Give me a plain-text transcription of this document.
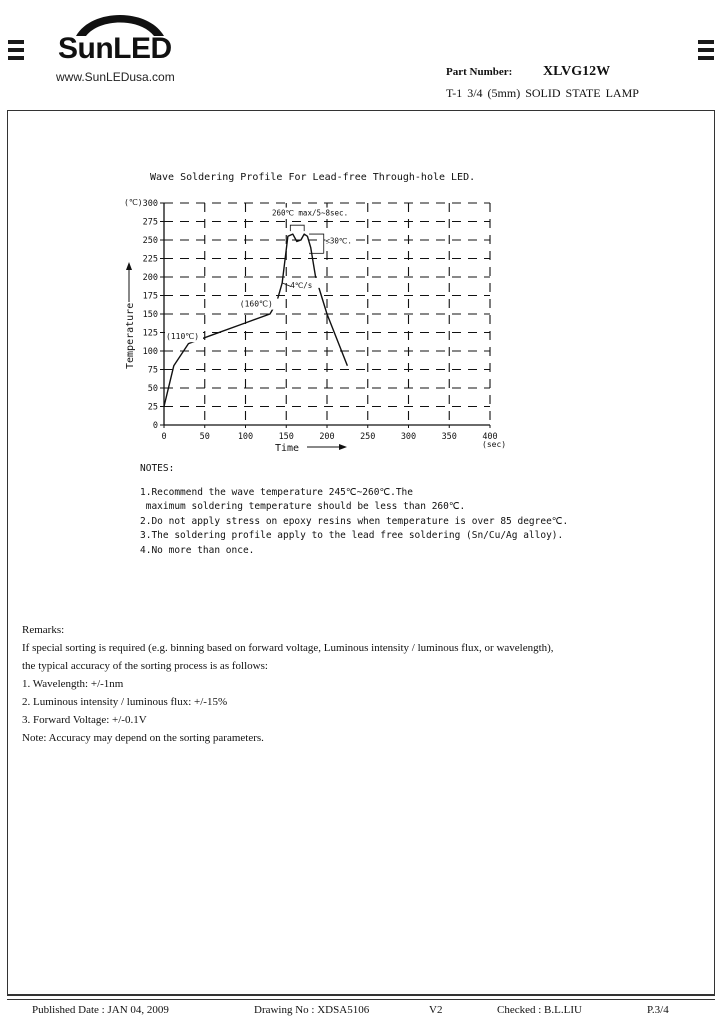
SunLED
www.SunLEDusa.com	Part Number: XLVG12W
T-1 3/4 (5mm) SOLID STATE LAMP
Wave Soldering Profile For Lead-free Through-hole LED.
0
25
50
75
100
125
150
175
200
225
250
275
300
0	50	100	150	200	250	300	350	400
(℃)
(sec)
Temperature
Time
260℃ max/5~8sec.
<30℃.
4℃/s
(160℃)
(110℃)
NOTES:
1.Recommend the wave temperature 245℃~260℃.The
maximum soldering temperature should be less than 260℃.
2.Do not apply stress on epoxy resins when temperature is over 85 degree℃.
3.The soldering profile apply to the lead free soldering (Sn/Cu/Ag alloy).
4.No more than once.
Remarks:
If special sorting is required (e.g. binning based on forward voltage, Luminous intensity / luminous flux, or wavelength),
the typical accuracy of the sorting process is as follows:
1. Wavelength: +/-1nm
2. Luminous intensity / luminous flux: +/-15%
3. Forward Voltage: +/-0.1V
Note: Accuracy may depend on the sorting parameters.
Published Date : JAN 04, 2009	Drawing No : XDSA5106	V2	Checked : B.L.LIU	P.3/4
